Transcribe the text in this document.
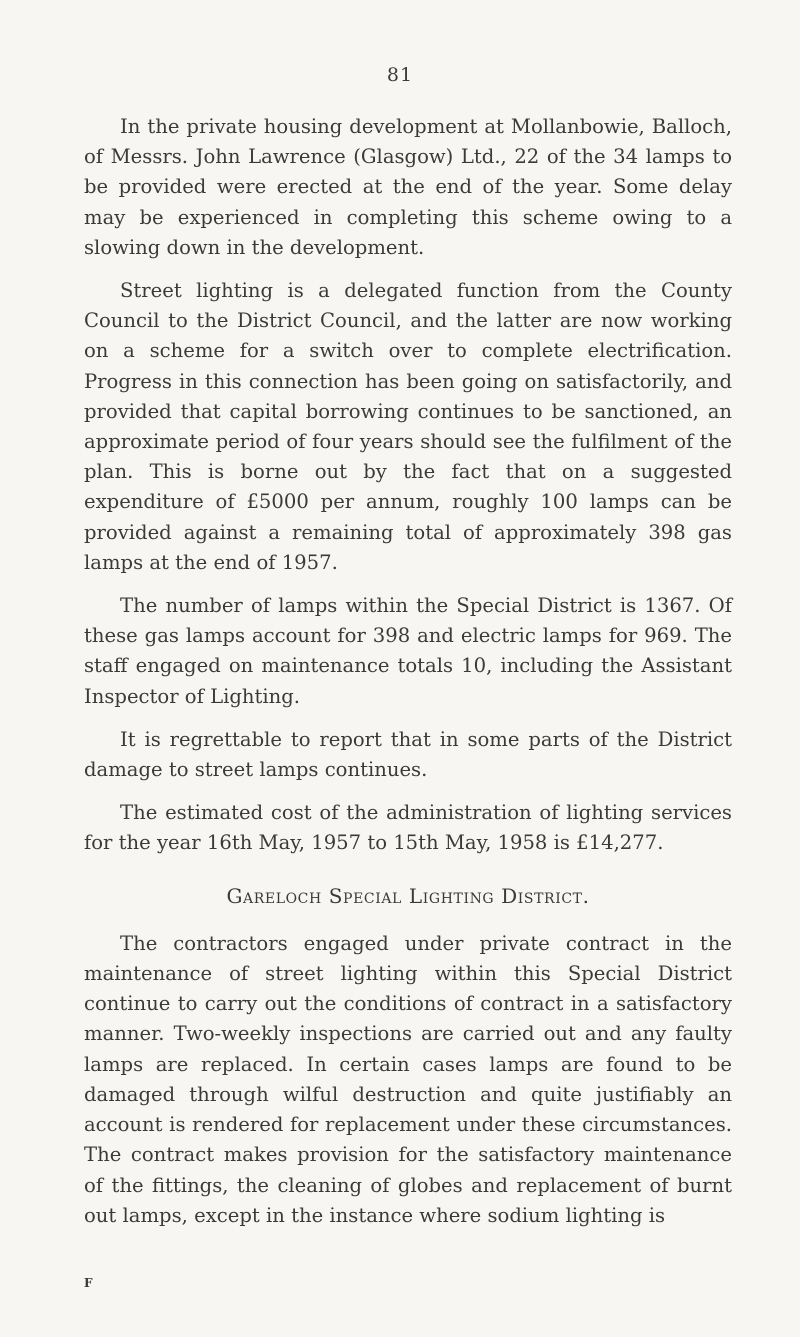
81

In the private housing development at Mollanbowie, Balloch, of Messrs. John Lawrence (Glasgow) Ltd., 22 of the 34 lamps to be provided were erected at the end of the year. Some delay may be experienced in completing this scheme owing to a slowing down in the development.

Street lighting is a delegated function from the County Council to the District Council, and the latter are now working on a scheme for a switch over to complete electrification. Progress in this connection has been going on satisfactorily, and provided that capital borrowing continues to be sanctioned, an approximate period of four years should see the fulfilment of the plan. This is borne out by the fact that on a suggested expenditure of £5000 per annum, roughly 100 lamps can be provided against a remaining total of approximately 398 gas lamps at the end of 1957.

The number of lamps within the Special District is 1367. Of these gas lamps account for 398 and electric lamps for 969. The staff engaged on maintenance totals 10, including the Assistant Inspector of Lighting.

It is regrettable to report that in some parts of the District damage to street lamps continues.

The estimated cost of the administration of lighting services for the year 16th May, 1957 to 15th May, 1958 is £14,277.

Gareloch Special Lighting District.

The contractors engaged under private contract in the maintenance of street lighting within this Special District continue to carry out the conditions of contract in a satisfactory manner. Two-weekly inspections are carried out and any faulty lamps are replaced. In certain cases lamps are found to be damaged through wilful destruction and quite justifiably an account is rendered for replacement under these circumstances. The contract makes provision for the satisfactory maintenance of the fittings, the cleaning of globes and replacement of burnt out lamps, except in the instance where sodium lighting is

F
